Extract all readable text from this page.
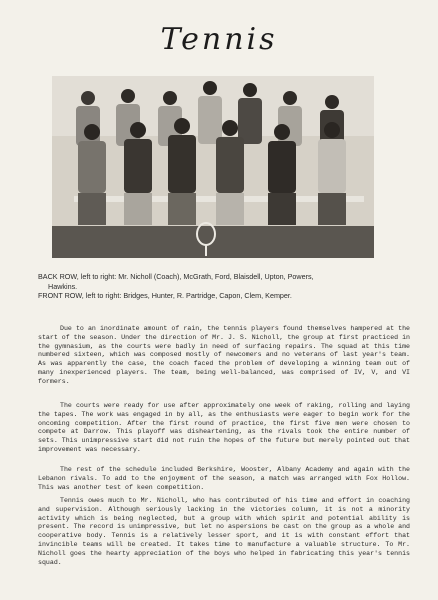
Tennis

BACK ROW, left to right: Mr. Nicholl (Coach), McGrath, Ford, Blaisdell, Upton, Powers,

Hawkins.

FRONT ROW, left to right: Bridges, Hunter, R. Partridge, Capon, Clem, Kemper.

Due to an inordinate amount of rain, the tennis players found themselves hampered at the start of the season. Under the direction of Mr. J. S. Nicholl, the group at first practiced in the gymnasium, as the courts were badly in need of surfacing repairs. The squad at this time numbered sixteen, which was composed mostly of newcomers and no veterans of last year's team. As was apparently the case, the coach faced the problem of developing a winning team out of many inexperienced players. The team, being well-balanced, was comprised of IV, V, and VI formers.

The courts were ready for use after approximately one week of raking, rolling and laying the tapes. The work was engaged in by all, as the enthusiasts were eager to begin work for the oncoming competition. After the first round of practice, the first five men were chosen to compete at Darrow. This playoff was disheartening, as the rivals took the entire number of sets. This unimpressive start did not ruin the hopes of the future but merely pointed out that improvement was necessary.

The rest of the schedule included Berkshire, Wooster, Albany Academy and again with the Lebanon rivals. To add to the enjoyment of the season, a match was arranged with Fox Hollow. This was another test of keen competition.

Tennis owes much to Mr. Nicholl, who has contributed of his time and effort in coaching and supervision. Although seriously lacking in the victories column, it is not a minority activity which is being neglected, but a group with which spirit and potential ability is present. The record is unimpressive, but let no aspersions be cast on the group as a whole and cooperative body. Tennis is a relatively lesser sport, and it is with constant effort that invincible teams will be created. It takes time to manufacture a valuable structure. To Mr. Nicholl goes the hearty appreciation of the boys who helped in fabricating this year's tennis squad.
